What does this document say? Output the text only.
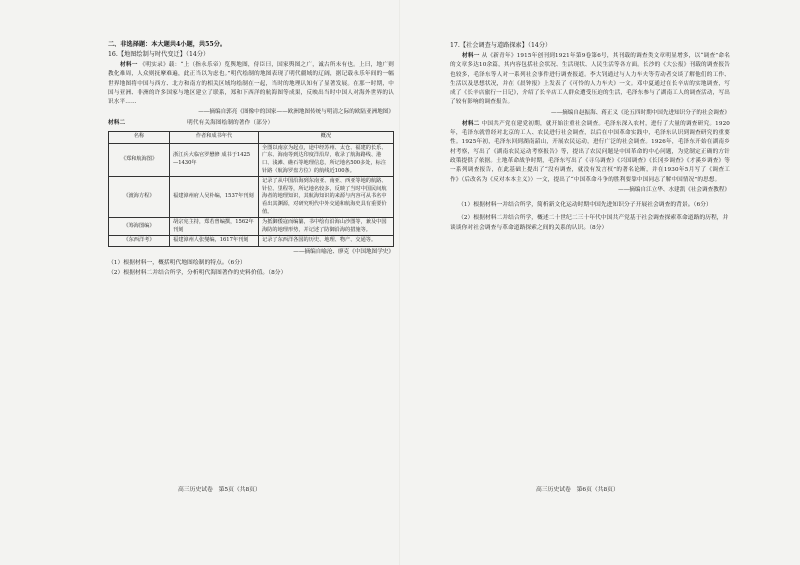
二、非选择题：本大题共4小题，共55分。

16.【地图绘制与时代变迁】（14分）

材料一 《明实录》载：“上（指永乐帝）览舆地图，侍臣曰，国家舆图之广，诚古所未有也。上曰，地广则教化难周，人众则抚摩难遍，此正当以为虑也。”明代绘制的地图表现了明代疆域的辽阔，据记载永乐年间的一幅世界地图将中国与西方、北方和南方的相关区域均绘制在一起，当时的地理认知有了显著发展。在那一时期，中国与亚洲、非洲的许多国家与地区建立了联系，郑和下西洋的航海图等成果，反映出当时中国人对海外世界的认识水平……

——摘编自郭亮《图像中的国家——欧洲地图传统与明清之际的欧陆亚洲地图》

材料二	明代有关海图绘制的著作（部分）

名称	作者和成书年代	概况
《郑和航海图》	浙江兵大临官罗懋修 成书于1425—1430年	全图以南京为起点，途中经苏州、太仓、福建的长乐、广东、海南等到达印度洋沿岸，收录了航海路线、港口、浅滩、礁石等地理信息，所记地名500多处，标注针路（航海罗盘方位）的航线近100条。
《渡海方程》	福建漳州府人吴朴编，1537年刊刻	记录了从中国沿海到东南亚、南亚、西亚等地的航路、针位、里程等，所记地名较多，反映了当时中国民间航海者的地理知识，其航海知识的来源与内容可从书名中看出其渊源，对研究明代中外交通和航海史具有重要价值。
《筹海图编》	胡宗宪主持，郑若曾编撰，1562年刊刻	为抵御倭寇而编纂，书中绘有沿海山沙图等，兼及中国海防的地理形势，并记述了防御沿海的措施等。
《东西洋考》	福建漳州人张燮编，1617年刊刻	记录了东西洋各国的历史、地理、物产、交通等。

——摘编自喻沧、廖克《中国地图学史》

（1）根据材料一，概括明代地图绘制的特点。（6分）

（2）根据材料二并结合所学，分析明代海图著作的史料价值。（8分）

高三历史试卷　第5页（共8页）

17.【社会调查与道路探索】（14分）

材料一 从《新青年》1915年创刊到1921年第9卷第6号，其刊载的调查类文章明显增多，以“调查”命名的文章多达10余篇，其内容包括社会状况、生活现状、人民生活等各方面。长沙的《大公报》刊载的调查报告也较多，毛泽东等人对一系列社会事件进行调查报道。李大钊通过与人力车夫等劳动者交谈了解他们的工作、生活以及思想状况，并在《晨钟报》上发表了《可怜的人力车夫》一文。邓中夏通过在长辛店的实地调查，写成了《长辛店旅行一日记》，介绍了长辛店工人群众遭受压迫的生活，毛泽东参与了湖南工人的调查活动，写出了较有影响的调查报告。

——摘编自赵振海、蒋正义《论五四时期中国先进知识分子的社会调查》

材料二 中国共产党在建党初期，就开始注重社会调查。毛泽东深入农村，进行了大量的调查研究。1920年，毛泽东就曾经对北京的工人、农民进行社会调查，以后在中国革命实践中，毛泽东认识到调查研究的重要性。1925年初，毛泽东回到湖南韶山，开展农民运动，进行广泛的社会调查。1926年，毛泽东开始在湖南乡村考察，写出了《湖南农民运动考察报告》等，提出了农民问题是中国革命的中心问题，为党制定正确的方针政策提供了依据。土地革命战争时期，毛泽东写出了《寻乌调查》《兴国调查》《长冈乡调查》《才溪乡调查》等一系列调查报告，在此基础上提出了“没有调查，就没有发言权”的著名论断，并在1930年5月写了《调查工作》（后改名为《反对本本主义》）一文，提出了“中国革命斗争的胜利要靠中国同志了解中国情况”的思想。

——摘编自江立华、水建凯《社会调查教程》

（1）根据材料一并结合所学，简析新文化运动时期中国先进知识分子开展社会调查的背景。（6分）

（2）根据材料二并结合所学，概述二十世纪二三十年代中国共产党基于社会调查探索革命道路的历程，并谈谈你对社会调查与革命道路探索之间的关系的认识。（8分）

高三历史试卷　第6页（共8页）
